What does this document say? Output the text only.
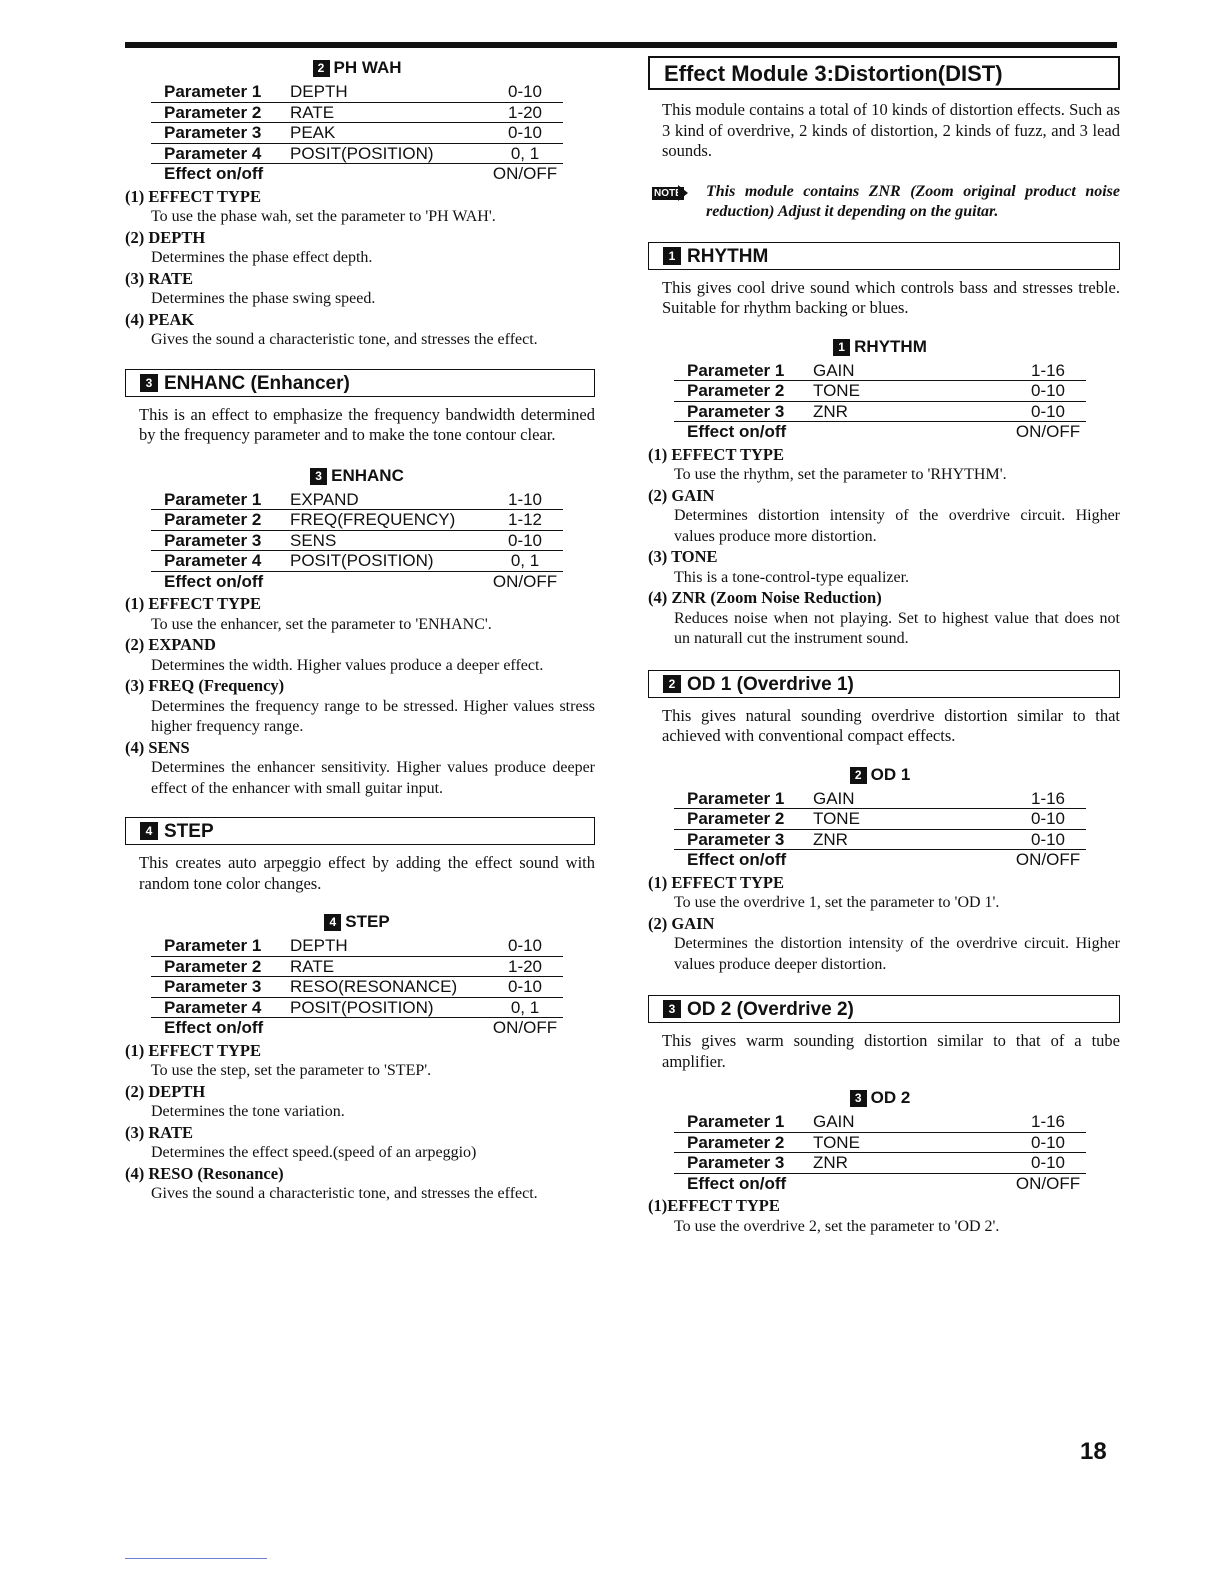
2 PH WAH
Parameter 1	DEPTH	0-10
Parameter 2	RATE	1-20
Parameter 3	PEAK	0-10
Parameter 4	POSIT(POSITION)	0, 1
Effect on/off	ON/OFF
(1) EFFECT TYPE
To use the phase wah, set the parameter to 'PH WAH'.
(2) DEPTH
Determines the phase effect depth.
(3) RATE
Determines the phase swing speed.
(4) PEAK
Gives the sound a characteristic tone, and stresses the effect.
3 ENHANC (Enhancer)
This is an effect to emphasize the frequency bandwidth determined by the frequency parameter and to make the tone contour clear.
3 ENHANC
Parameter 1	EXPAND	1-10
Parameter 2	FREQ(FREQUENCY)	1-12
Parameter 3	SENS	0-10
Parameter 4	POSIT(POSITION)	0, 1
Effect on/off	ON/OFF
(1) EFFECT TYPE
To use the enhancer, set the parameter to 'ENHANC'.
(2) EXPAND
Determines the width. Higher values produce a deeper effect.
(3) FREQ (Frequency)
Determines the frequency range to be stressed. Higher values stress higher frequency range.
(4) SENS
Determines the enhancer sensitivity. Higher values produce deeper effect of the enhancer with small guitar input.
4 STEP
This creates auto arpeggio effect by adding the effect sound with random tone color changes.
4 STEP
Parameter 1	DEPTH	0-10
Parameter 2	RATE	1-20
Parameter 3	RESO(RESONANCE)	0-10
Parameter 4	POSIT(POSITION)	0, 1
Effect on/off	ON/OFF
(1) EFFECT TYPE
To use the step, set the parameter to 'STEP'.
(2) DEPTH
Determines the tone variation.
(3) RATE
Determines the effect speed.(speed of an arpeggio)
(4) RESO (Resonance)
Gives the sound a characteristic tone, and stresses the effect.
Effect Module 3:Distortion(DIST)
This module contains a total of 10 kinds of distortion effects. Such as 3 kind of overdrive, 2 kinds of distortion, 2 kinds of fuzz, and 3 lead sounds.
NOTE	This module contains ZNR (Zoom original product noise reduction) Adjust it depending on the guitar.
1 RHYTHM
This gives cool drive sound which controls bass and stresses treble. Suitable for rhythm backing or blues.
1 RHYTHM
Parameter 1	GAIN	1-16
Parameter 2	TONE	0-10
Parameter 3	ZNR	0-10
Effect on/off	ON/OFF
(1) EFFECT TYPE
To use the rhythm, set the parameter to 'RHYTHM'.
(2) GAIN
Determines distortion intensity of the overdrive circuit. Higher values produce more distortion.
(3) TONE
This is a tone-control-type equalizer.
(4) ZNR (Zoom Noise Reduction)
Reduces noise when not playing. Set to highest value that does not un naturall cut the instrument sound.
2 OD 1 (Overdrive 1)
This gives natural sounding overdrive distortion similar to that achieved with conventional compact effects.
2 OD 1
Parameter 1	GAIN	1-16
Parameter 2	TONE	0-10
Parameter 3	ZNR	0-10
Effect on/off	ON/OFF
(1) EFFECT TYPE
To use the overdrive 1, set the parameter to 'OD 1'.
(2) GAIN
Determines the distortion intensity of the overdrive circuit. Higher values produce deeper distortion.
3 OD 2 (Overdrive 2)
This gives warm sounding distortion similar to that of a tube amplifier.
3 OD 2
Parameter 1	GAIN	1-16
Parameter 2	TONE	0-10
Parameter 3	ZNR	0-10
Effect on/off	ON/OFF
(1)EFFECT TYPE
To use the overdrive 2, set the parameter to 'OD 2'.
18
